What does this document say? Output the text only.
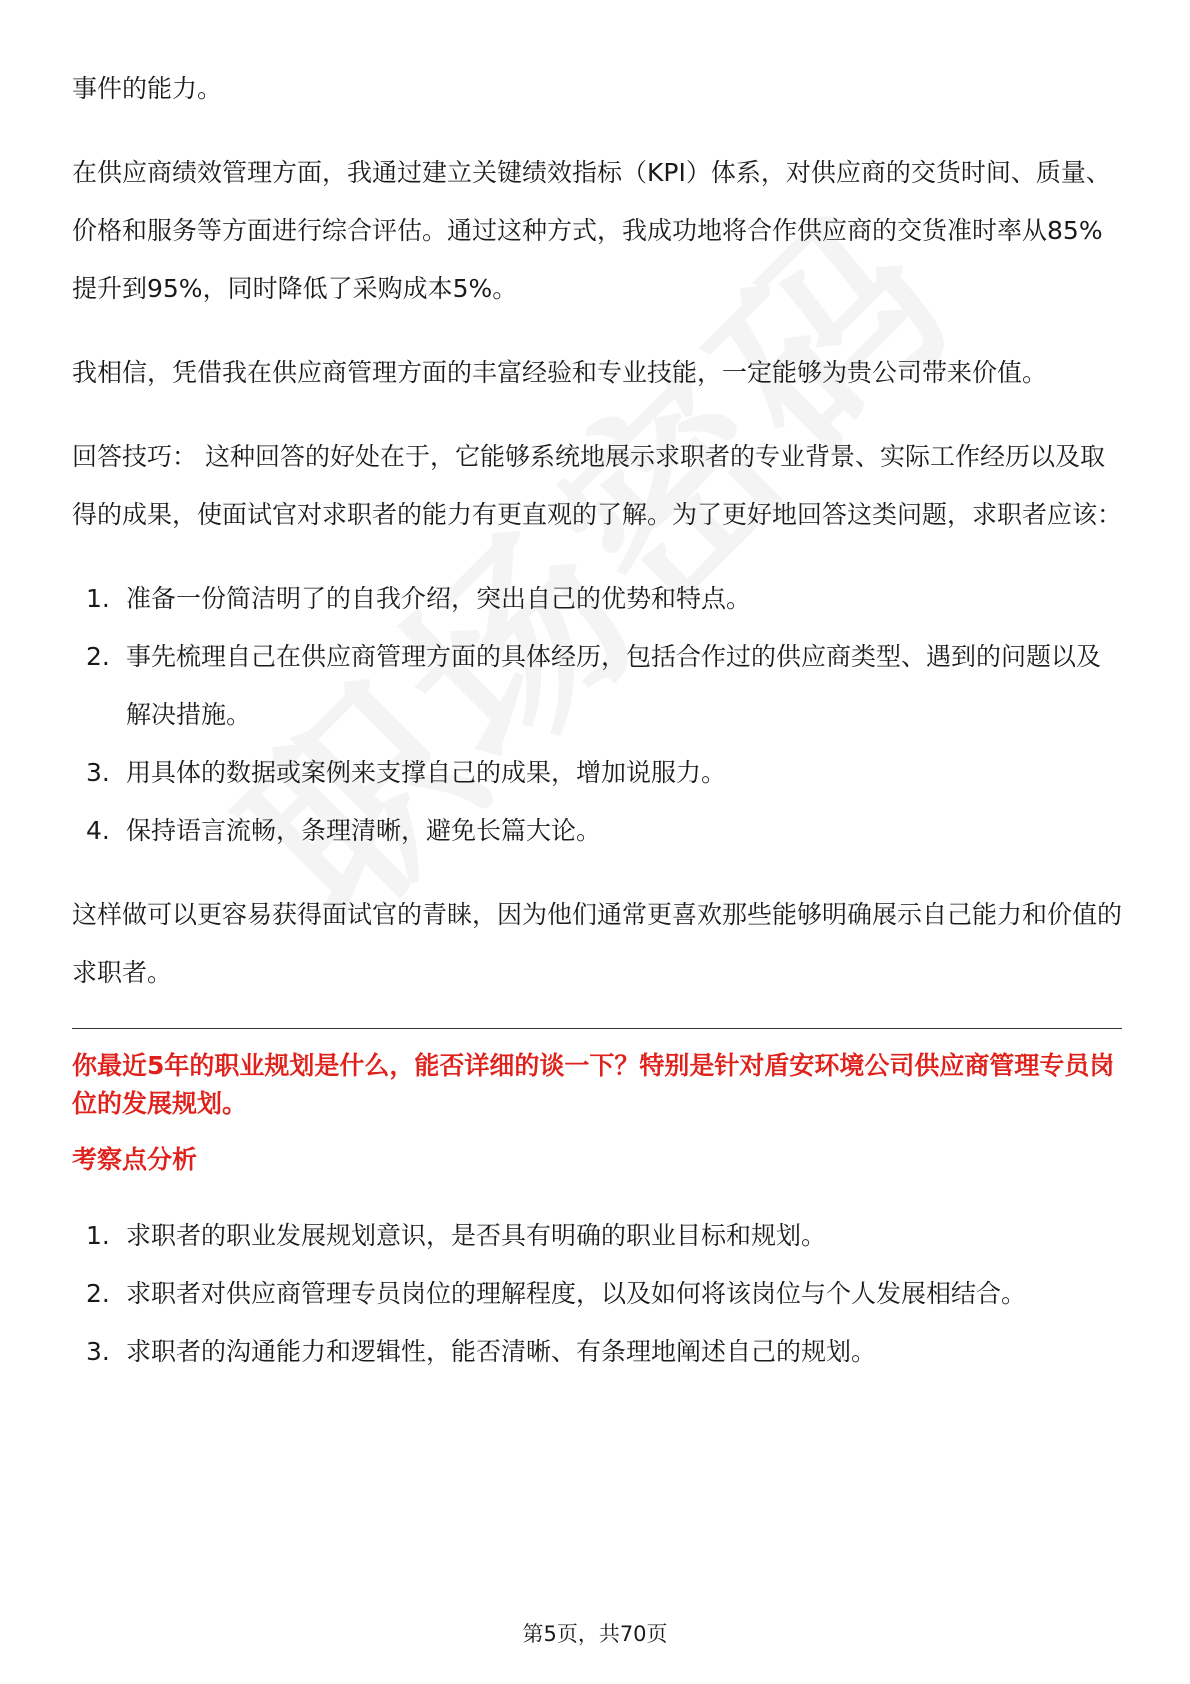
事件的能力。

在供应商绩效管理方面，我通过建立关键绩效指标（KPI）体系，对供应商的交货时间、质量、价格和服务等方面进行综合评估。通过这种方式，我成功地将合作供应商的交货准时率从85%提升到95%，同时降低了采购成本5%。

我相信，凭借我在供应商管理方面的丰富经验和专业技能，一定能够为贵公司带来价值。

回答技巧： 这种回答的好处在于，它能够系统地展示求职者的专业背景、实际工作经历以及取得的成果，使面试官对求职者的能力有更直观的了解。为了更好地回答这类问题，求职者应该：

1. 准备一份简洁明了的自我介绍，突出自己的优势和特点。
2. 事先梳理自己在供应商管理方面的具体经历，包括合作过的供应商类型、遇到的问题以及解决措施。
3. 用具体的数据或案例来支撑自己的成果，增加说服力。
4. 保持语言流畅，条理清晰，避免长篇大论。

这样做可以更容易获得面试官的青睐，因为他们通常更喜欢那些能够明确展示自己能力和价值的求职者。

你最近5年的职业规划是什么，能否详细的谈一下？特别是针对盾安环境公司供应商管理专员岗位的发展规划。

考察点分析

1. 求职者的职业发展规划意识，是否具有明确的职业目标和规划。
2. 求职者对供应商管理专员岗位的理解程度，以及如何将该岗位与个人发展相结合。
3. 求职者的沟通能力和逻辑性，能否清晰、有条理地阐述自己的规划。
第5页，共70页
